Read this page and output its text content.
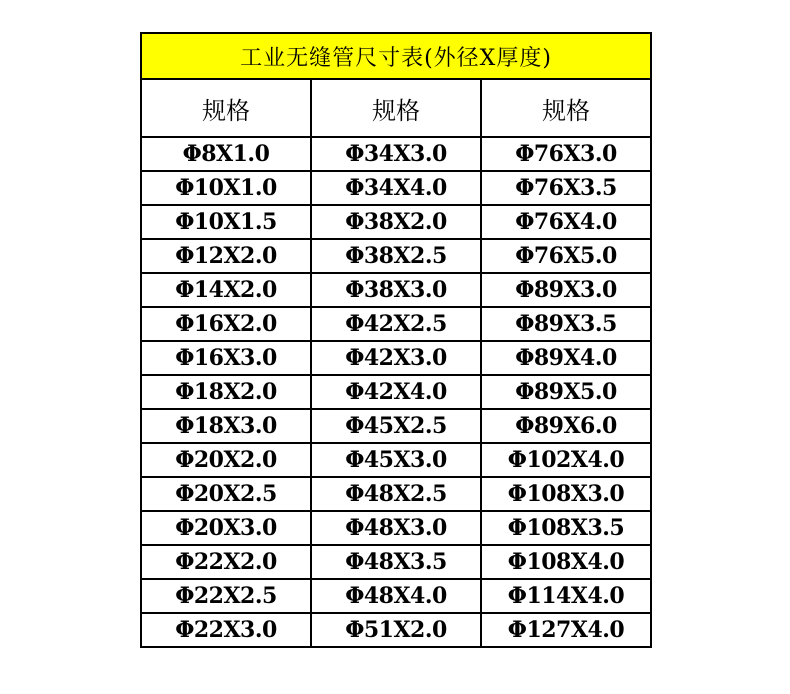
工业无缝管尺寸表(外径X厚度)		
规格	规格	规格
Φ8X1.0	Φ34X3.0	Φ76X3.0
Φ10X1.0	Φ34X4.0	Φ76X3.5
Φ10X1.5	Φ38X2.0	Φ76X4.0
Φ12X2.0	Φ38X2.5	Φ76X5.0
Φ14X2.0	Φ38X3.0	Φ89X3.0
Φ16X2.0	Φ42X2.5	Φ89X3.5
Φ16X3.0	Φ42X3.0	Φ89X4.0
Φ18X2.0	Φ42X4.0	Φ89X5.0
Φ18X3.0	Φ45X2.5	Φ89X6.0
Φ20X2.0	Φ45X3.0	Φ102X4.0
Φ20X2.5	Φ48X2.5	Φ108X3.0
Φ20X3.0	Φ48X3.0	Φ108X3.5
Φ22X2.0	Φ48X3.5	Φ108X4.0
Φ22X2.5	Φ48X4.0	Φ114X4.0
Φ22X3.0	Φ51X2.0	Φ127X4.0
